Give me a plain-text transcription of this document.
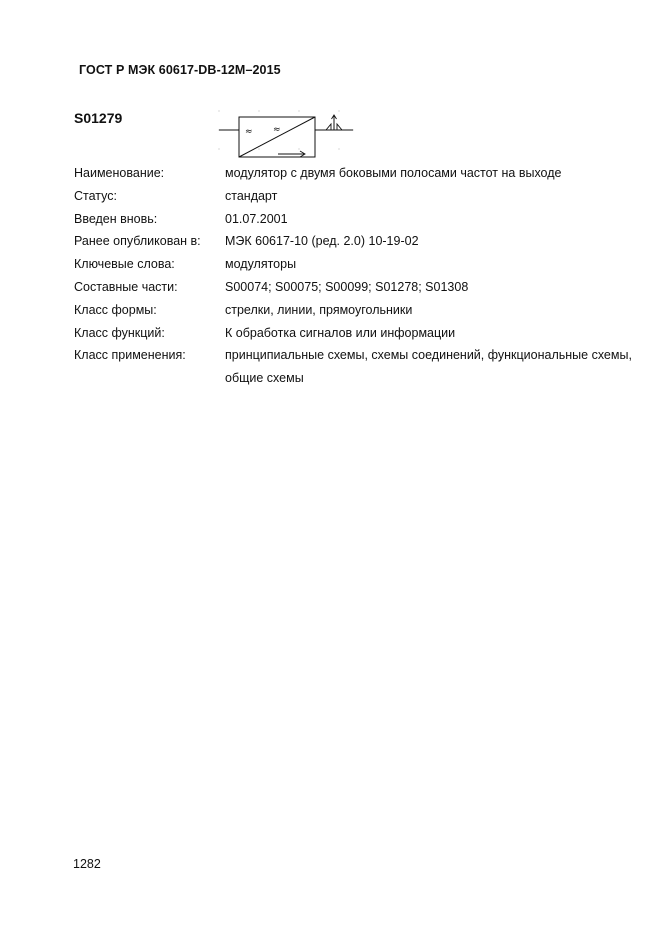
ГОСТ Р МЭК 60617-DB-12M–2015
S01279
≈ ≈
Наименование:	модулятор с двумя боковыми полосами частот на выходе
Статус:	стандарт
Введен вновь:	01.07.2001
Ранее опубликован в:	МЭК 60617-10 (ред. 2.0) 10-19-02
Ключевые слова:	модуляторы
Составные части:	S00074; S00075; S00099; S01278; S01308
Класс формы:	стрелки, линии, прямоугольники
Класс функций:	К обработка сигналов или информации
Класс применения:	принципиальные схемы, схемы соединений, функциональные схемы, общие схемы
1282
